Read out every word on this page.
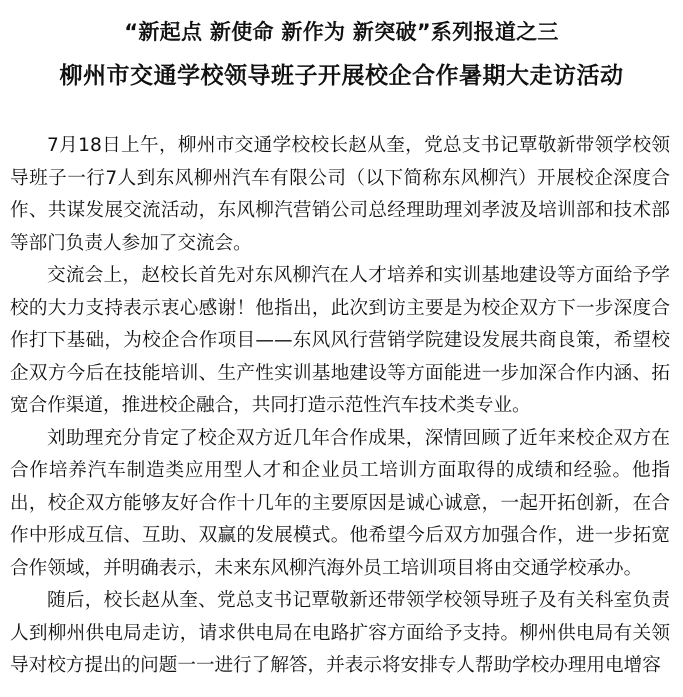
“新起点 新使命 新作为 新突破”系列报道之三
柳州市交通学校领导班子开展校企合作暑期大走访活动

7月18日上午，柳州市交通学校校长赵从奎，党总支书记覃敬新带领学校领导班子一行7人到东风柳州汽车有限公司（以下简称东风柳汽）开展校企深度合作、共谋发展交流活动，东风柳汽营销公司总经理助理刘孝波及培训部和技术部等部门负责人参加了交流会。

交流会上，赵校长首先对东风柳汽在人才培养和实训基地建设等方面给予学校的大力支持表示衷心感谢！他指出，此次到访主要是为校企双方下一步深度合作打下基础，为校企合作项目——东风风行营销学院建设发展共商良策，希望校企双方今后在技能培训、生产性实训基地建设等方面能进一步加深合作内涵、拓宽合作渠道，推进校企融合，共同打造示范性汽车技术类专业。

刘助理充分肯定了校企双方近几年合作成果，深情回顾了近年来校企双方在合作培养汽车制造类应用型人才和企业员工培训方面取得的成绩和经验。他指出，校企双方能够友好合作十几年的主要原因是诚心诚意，一起开拓创新，在合作中形成互信、互助、双赢的发展模式。他希望今后双方加强合作，进一步拓宽合作领域，并明确表示，未来东风柳汽海外员工培训项目将由交通学校承办。

随后，校长赵从奎、党总支书记覃敬新还带领学校领导班子及有关科室负责人到柳州供电局走访，请求供电局在电路扩容方面给予支持。柳州供电局有关领导对校方提出的问题一一进行了解答，并表示将安排专人帮助学校办理用电增容
